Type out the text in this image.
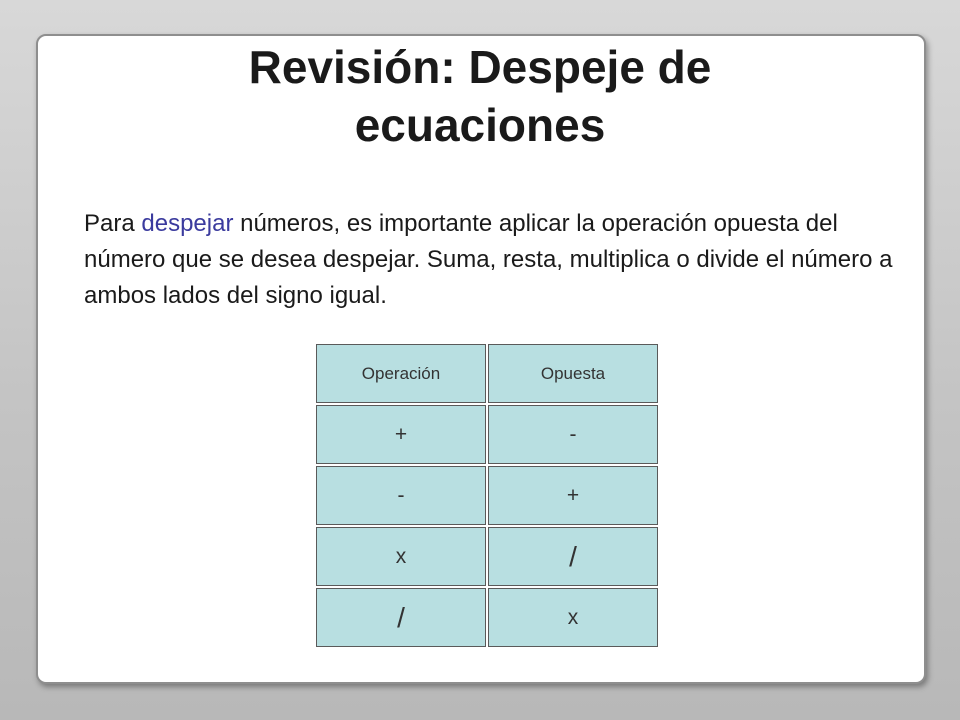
Revisión: Despeje de
ecuaciones

Para despejar números, es importante aplicar la operación opuesta del número que se desea despejar. Suma, resta, multiplica o divide el número a ambos lados del signo igual.

Operación	Opuesta
+	-
-	+
x	/
/	x
